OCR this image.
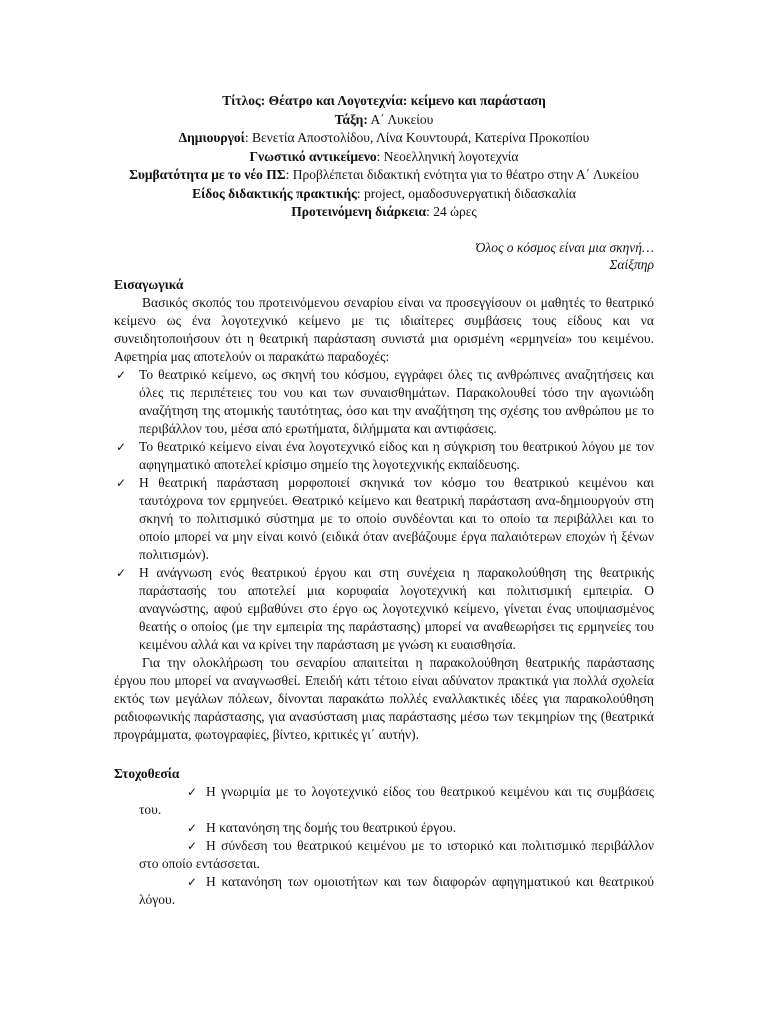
Τίτλος: Θέατρο και Λογοτεχνία: κείμενο και παράσταση
Τάξη: Α΄ Λυκείου
Δημιουργοί: Βενετία Αποστολίδου, Λίνα Κουντουρά, Κατερίνα Προκοπίου
Γνωστικό αντικείμενο: Νεοελληνική λογοτεχνία
Συμβατότητα με το νέο ΠΣ: Προβλέπεται διδακτική ενότητα για το θέατρο στην Α΄ Λυκείου
Είδος διδακτικής πρακτικής: project, ομαδοσυνεργατική διδασκαλία
Προτεινόμενη διάρκεια: 24 ώρες
Όλος ο κόσμος είναι μια σκηνή…
Σαίξπηρ
Εισαγωγικά

Βασικός σκοπός του προτεινόμενου σεναρίου είναι να προσεγγίσουν οι μαθητές το θεατρικό κείμενο ως ένα λογοτεχνικό κείμενο με τις ιδιαίτερες συμβάσεις τους είδους και να συνειδητοποιήσουν ότι η θεατρική παράσταση συνιστά μια ορισμένη «ερμηνεία» του κειμένου. Αφετηρία μας αποτελούν οι παρακάτω παραδοχές:

✓ Το θεατρικό κείμενο, ως σκηνή του κόσμου, εγγράφει όλες τις ανθρώπινες αναζητήσεις και όλες τις περιπέτειες του νου και των συναισθημάτων. Παρακολουθεί τόσο την αγωνιώδη αναζήτηση της ατομικής ταυτότητας, όσο και την αναζήτηση της σχέσης του ανθρώπου με το περιβάλλον του, μέσα από ερωτήματα, διλήμματα και αντιφάσεις.
✓ Το θεατρικό κείμενο είναι ένα λογοτεχνικό είδος και η σύγκριση του θεατρικού λόγου με τον αφηγηματικό αποτελεί κρίσιμο σημείο της λογοτεχνικής εκπαίδευσης.
✓ Η θεατρική παράσταση μορφοποιεί σκηνικά τον κόσμο του θεατρικού κειμένου και ταυτόχρονα τον ερμηνεύει. Θεατρικό κείμενο και θεατρική παράσταση ανα-δημιουργούν στη σκηνή το πολιτισμικό σύστημα με το οποίο συνδέονται και το οποίο τα περιβάλλει και το οποίο μπορεί να μην είναι κοινό (ειδικά όταν ανεβάζουμε έργα παλαιότερων εποχών ή ξένων πολιτισμών).
✓ Η ανάγνωση ενός θεατρικού έργου και στη συνέχεια η παρακολούθηση της θεατρικής παράστασής του αποτελεί μια κορυφαία λογοτεχνική και πολιτισμική εμπειρία. Ο αναγνώστης, αφού εμβαθύνει στο έργο ως λογοτεχνικό κείμενο, γίνεται ένας υποψιασμένος θεατής ο οποίος (με την εμπειρία της παράστασης) μπορεί να αναθεωρήσει τις ερμηνείες του κειμένου αλλά και να κρίνει την παράσταση με γνώση κι ευαισθησία.

Για την ολοκλήρωση του σεναρίου απαιτείται η παρακολούθηση θεατρικής παράστασης έργου που μπορεί να αναγνωσθεί. Επειδή κάτι τέτοιο είναι αδύνατον πρακτικά για πολλά σχολεία εκτός των μεγάλων πόλεων, δίνονται παρακάτω πολλές εναλλακτικές ιδέες για παρακολούθηση ραδιοφωνικής παράστασης, για ανασύσταση μιας παράστασης μέσω των τεκμηρίων της (θεατρικά προγράμματα, φωτογραφίες, βίντεο, κριτικές γι΄ αυτήν).

Στοχοθεσία
✓ Η γνωριμία με το λογοτεχνικό είδος του θεατρικού κειμένου και τις συμβάσεις του.
✓ Η κατανόηση της δομής του θεατρικού έργου.
✓ Η σύνδεση του θεατρικού κειμένου με το ιστορικό και πολιτισμικό περιβάλλον στο οποίο εντάσσεται.
✓ Η κατανόηση των ομοιοτήτων και των διαφορών αφηγηματικού και θεατρικού λόγου.
